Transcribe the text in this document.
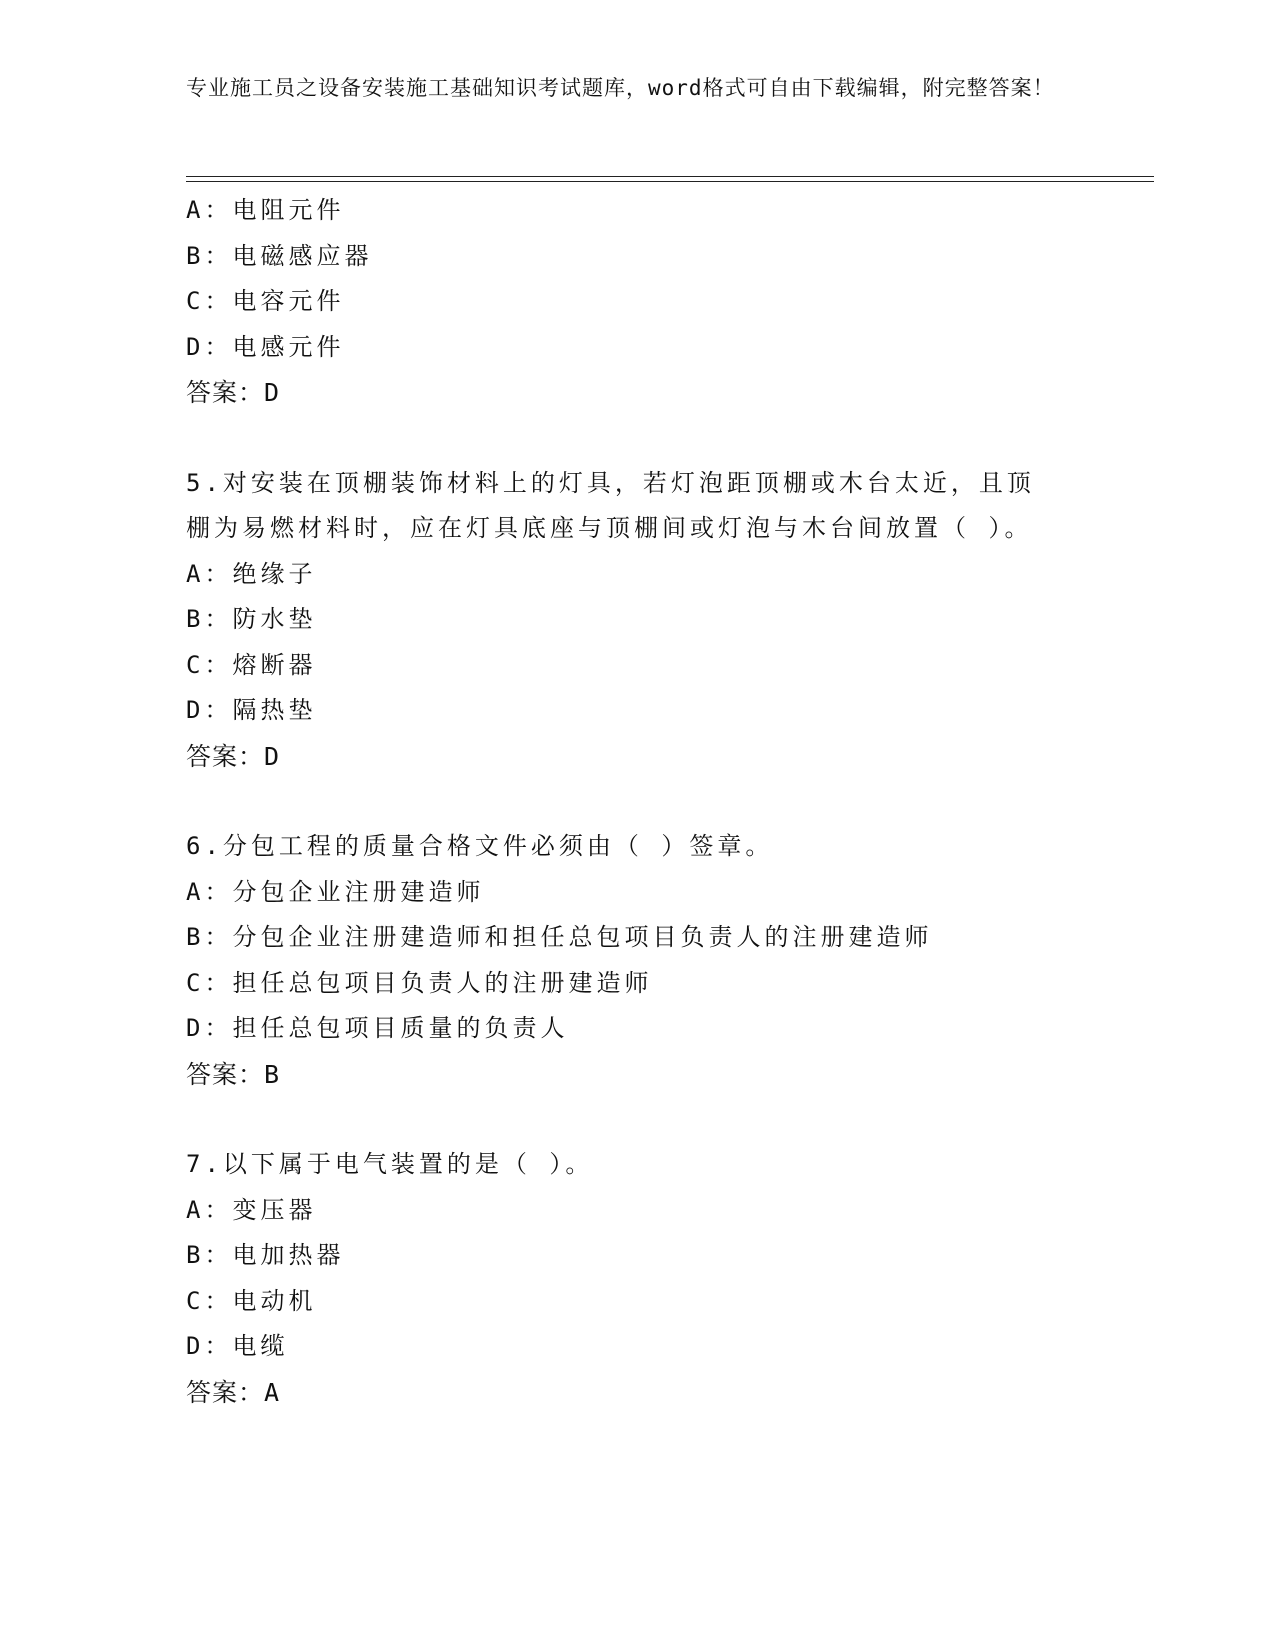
专业施工员之设备安装施工基础知识考试题库，word格式可自由下载编辑，附完整答案！

A：电阻元件

B：电磁感应器

C：电容元件

D：电感元件

答案：D

5.对安装在顶棚装饰材料上的灯具，若灯泡距顶棚或木台太近，且顶棚为易燃材料时，应在灯具底座与顶棚间或灯泡与木台间放置（ ）。

A：绝缘子

B：防水垫

C：熔断器

D：隔热垫

答案：D

6.分包工程的质量合格文件必须由（ ）签章。

A：分包企业注册建造师

B：分包企业注册建造师和担任总包项目负责人的注册建造师

C：担任总包项目负责人的注册建造师

D：担任总包项目质量的负责人

答案：B

7.以下属于电气装置的是（ ）。

A：变压器

B：电加热器

C：电动机

D：电缆

答案：A
